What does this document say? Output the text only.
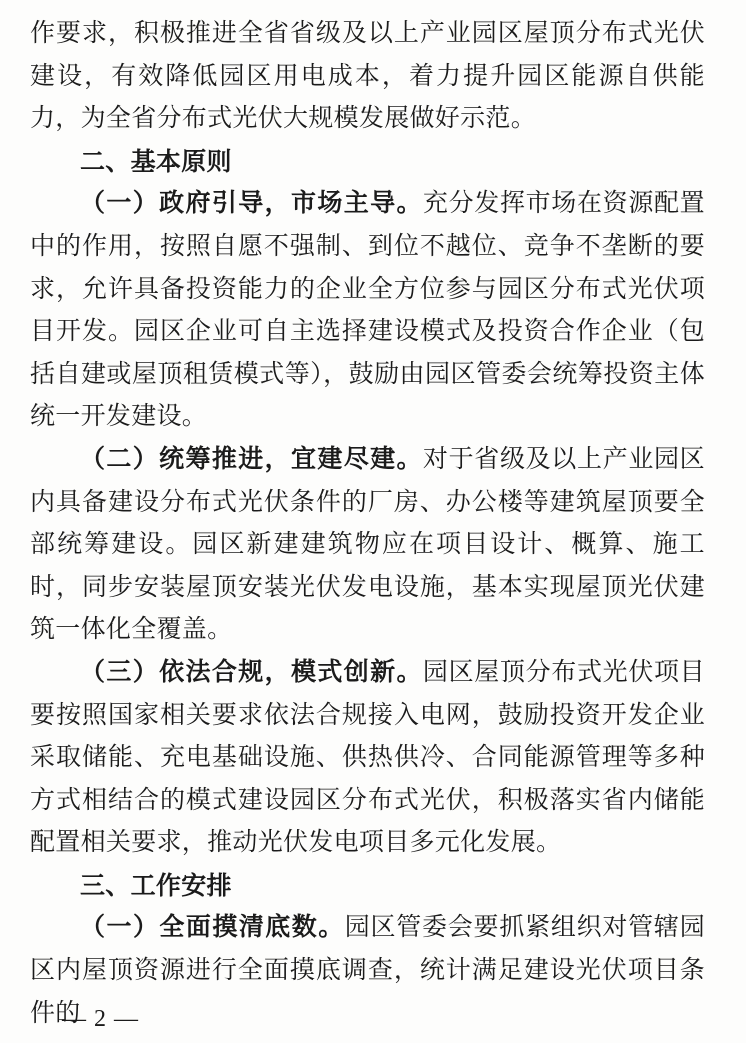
作要求，积极推进全省省级及以上产业园区屋顶分布式光伏建设，有效降低园区用电成本，着力提升园区能源自供能力，为全省分布式光伏大规模发展做好示范。

二、基本原则

（一）政府引导，市场主导。充分发挥市场在资源配置中的作用，按照自愿不强制、到位不越位、竞争不垄断的要求，允许具备投资能力的企业全方位参与园区分布式光伏项目开发。园区企业可自主选择建设模式及投资合作企业（包括自建或屋顶租赁模式等），鼓励由园区管委会统筹投资主体统一开发建设。

（二）统筹推进，宜建尽建。对于省级及以上产业园区内具备建设分布式光伏条件的厂房、办公楼等建筑屋顶要全部统筹建设。园区新建建筑物应在项目设计、概算、施工时，同步安装屋顶安装光伏发电设施，基本实现屋顶光伏建筑一体化全覆盖。

（三）依法合规，模式创新。园区屋顶分布式光伏项目要按照国家相关要求依法合规接入电网，鼓励投资开发企业采取储能、充电基础设施、供热供冷、合同能源管理等多种方式相结合的模式建设园区分布式光伏，积极落实省内储能配置相关要求，推动光伏发电项目多元化发展。

三、工作安排

（一）全面摸清底数。园区管委会要抓紧组织对管辖园区内屋顶资源进行全面摸底调查，统计满足建设光伏项目条件的

— 2 —
